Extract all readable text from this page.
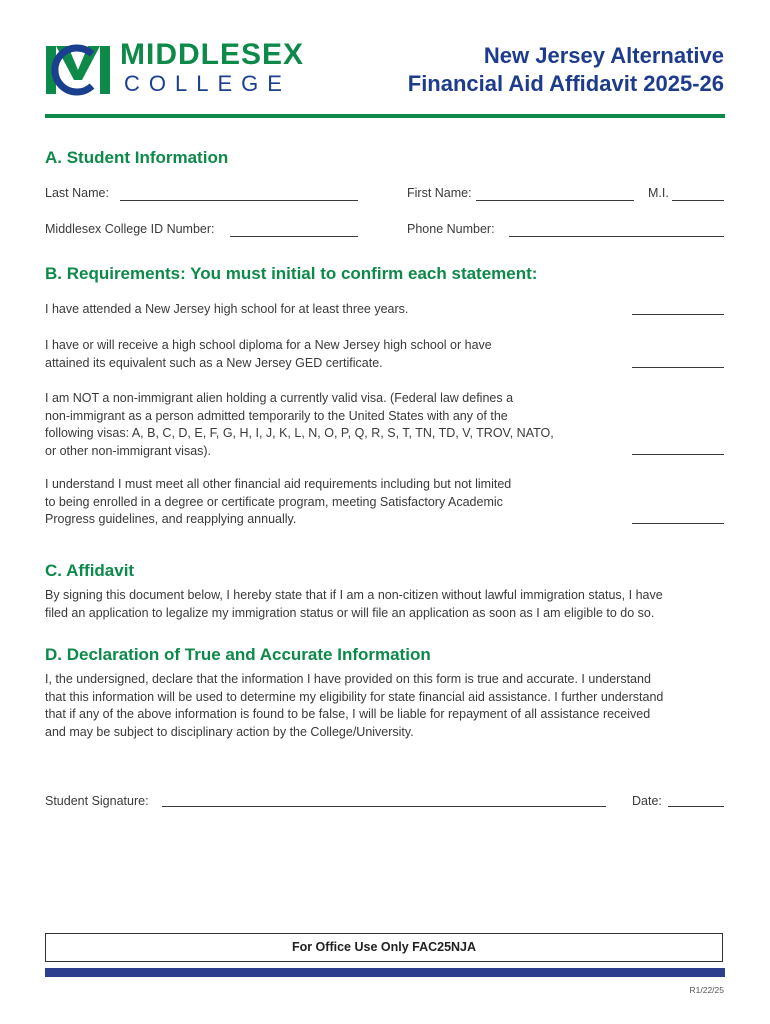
MIDDLESEX
COLLEGE
New Jersey Alternative
Financial Aid Affidavit 2025-26
A. Student Information
Last Name:	First Name:	M.I.
Middlesex College ID Number:	Phone Number:
B. Requirements: You must initial to confirm each statement:
I have attended a New Jersey high school for at least three years.
I have or will receive a high school diploma for a New Jersey high school or have
attained its equivalent such as a New Jersey GED certificate.
I am NOT a non-immigrant alien holding a currently valid visa. (Federal law defines a
non-immigrant as a person admitted temporarily to the United States with any of the
following visas: A, B, C, D, E, F, G, H, I, J, K, L, N, O, P, Q, R, S, T, TN, TD, V, TROV, NATO,
or other non-immigrant visas).
I understand I must meet all other financial aid requirements including but not limited
to being enrolled in a degree or certificate program, meeting Satisfactory Academic
Progress guidelines, and reapplying annually.
C. Affidavit
By signing this document below, I hereby state that if I am a non-citizen without lawful immigration status, I have
filed an application to legalize my immigration status or will file an application as soon as I am eligible to do so.
D. Declaration of True and Accurate Information
I, the undersigned, declare that the information I have provided on this form is true and accurate. I understand
that this information will be used to determine my eligibility for state financial aid assistance. I further understand
that if any of the above information is found to be false, I will be liable for repayment of all assistance received
and may be subject to disciplinary action by the College/University.
Student Signature:	Date:
For Office Use Only FAC25NJA
R1/22/25
